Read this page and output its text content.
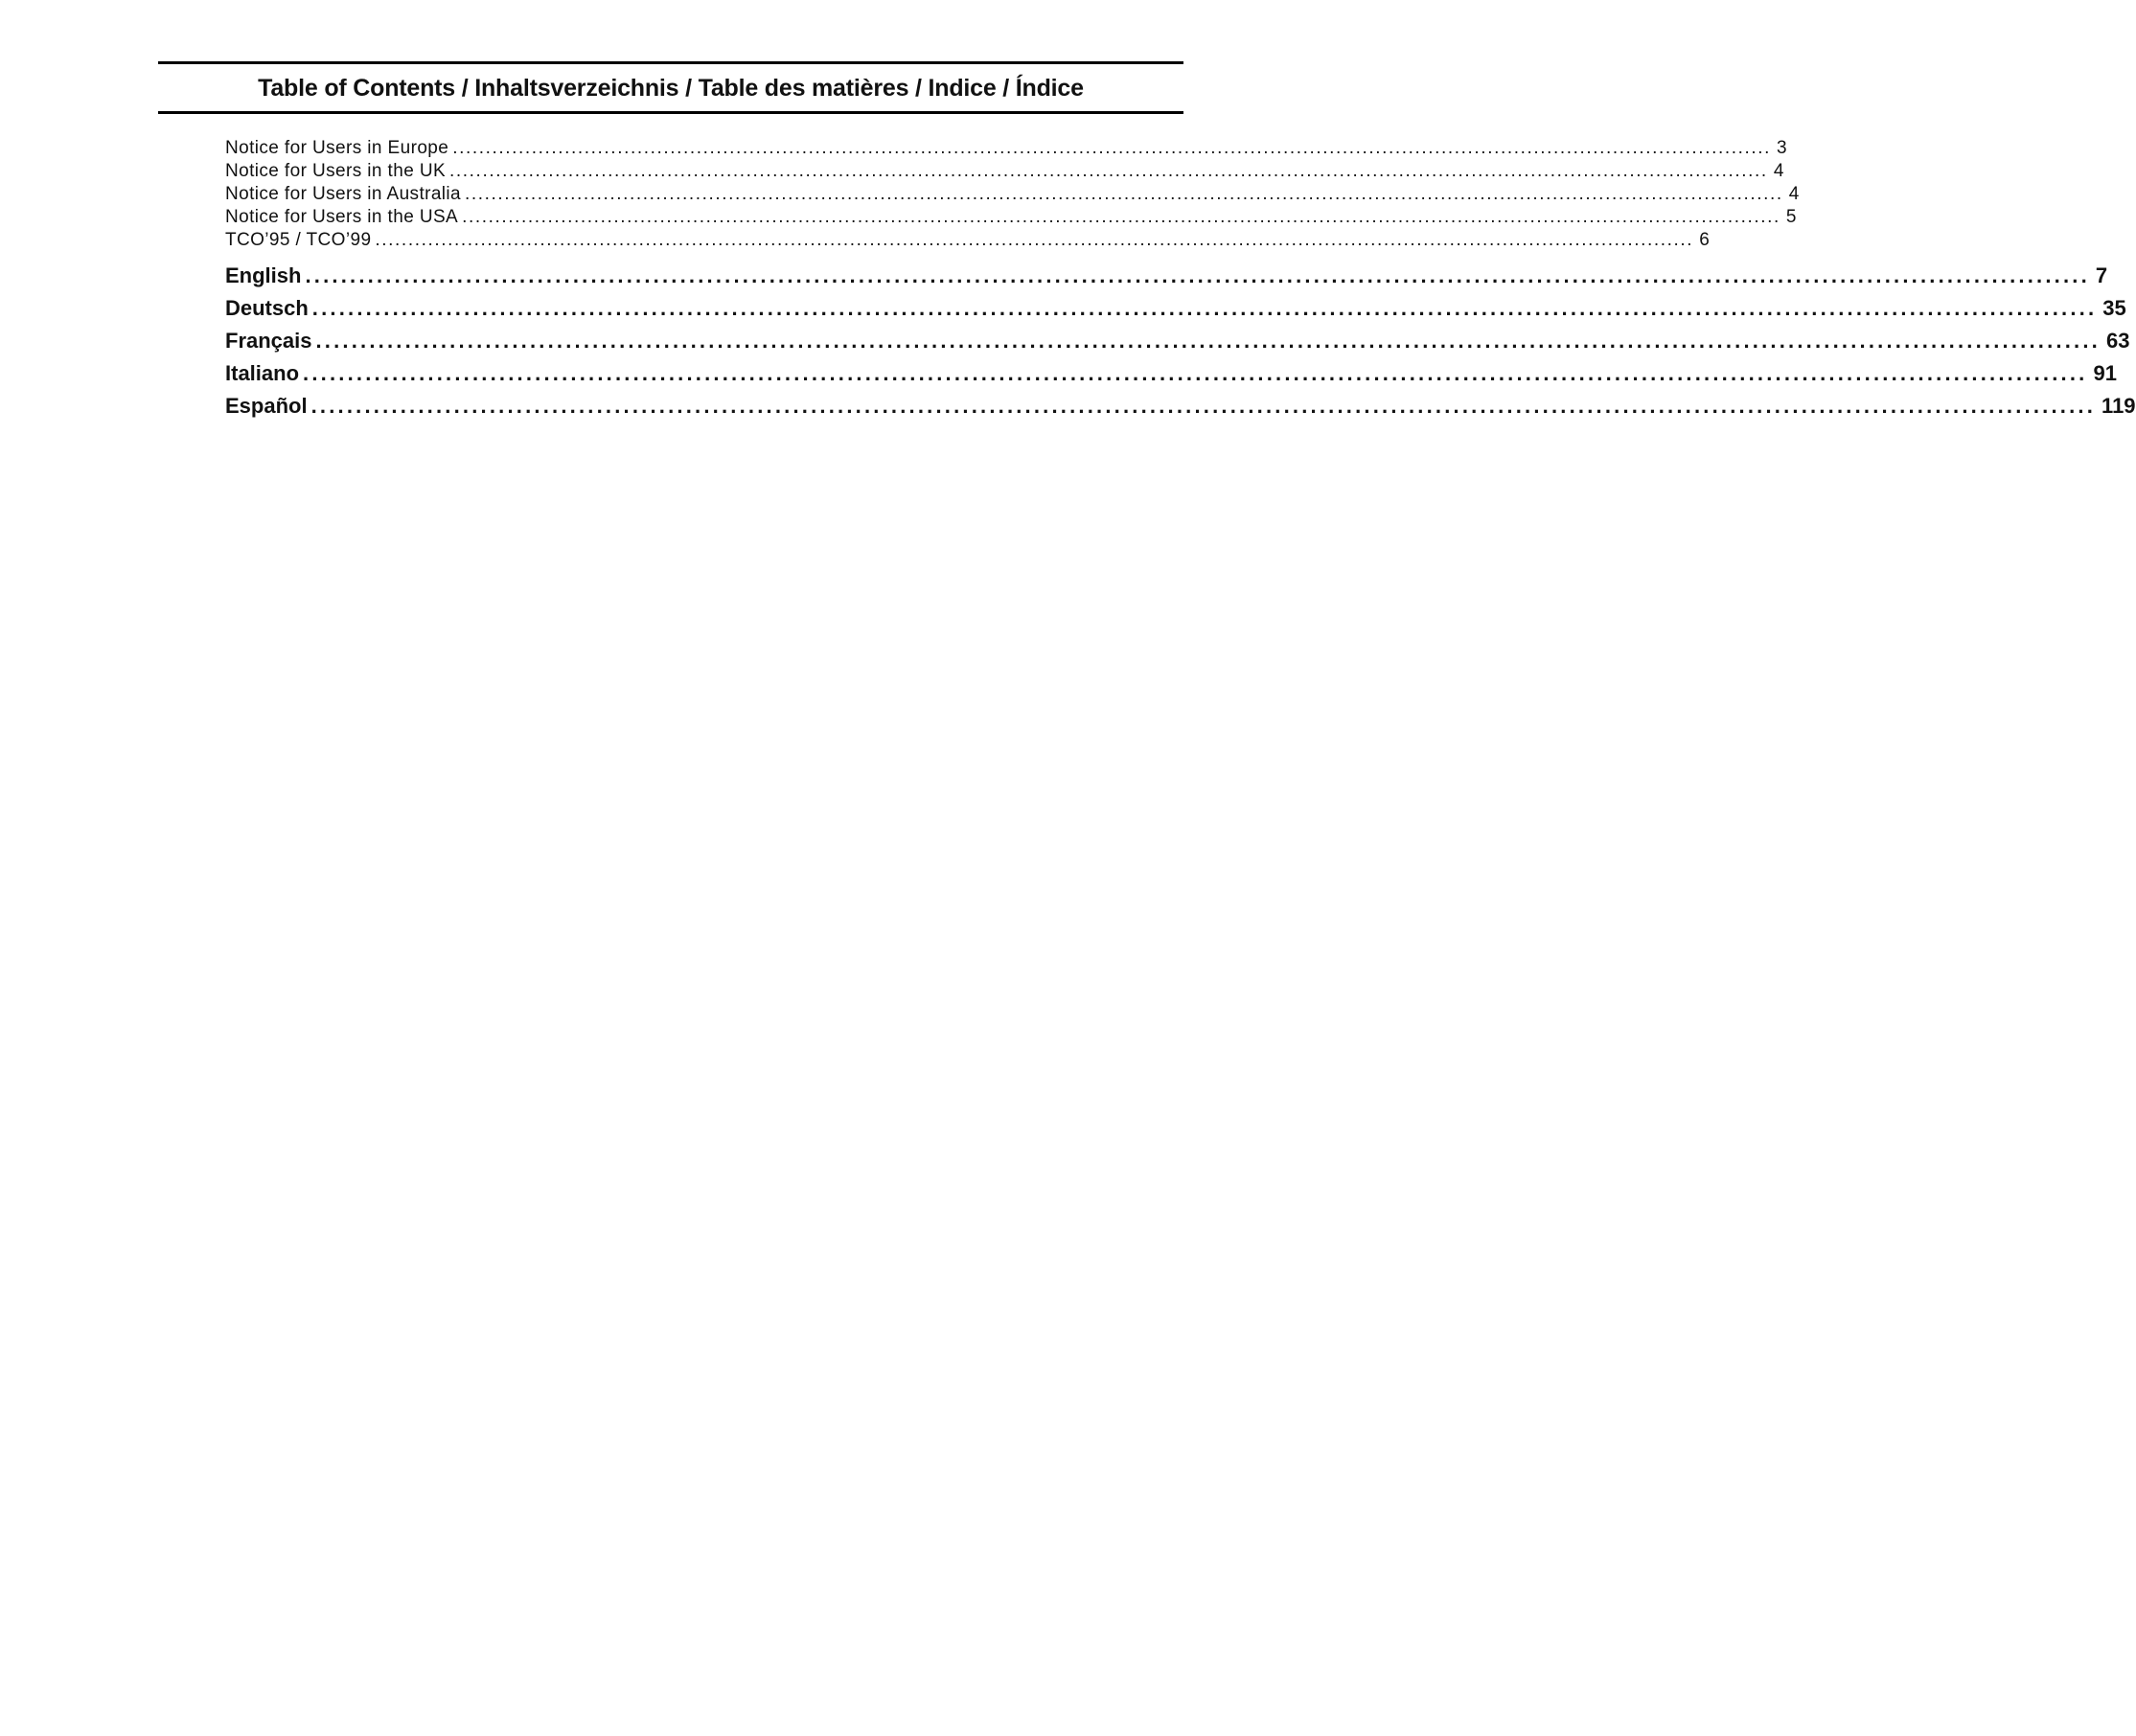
Table of Contents / Inhaltsverzeichnis / Table des matières / Indice / Índice
Notice for Users in Europe ........................................................................................................................................................................................................ 3
Notice for Users in the UK ........................................................................................................................................................................................................ 4
Notice for Users in Australia ........................................................................................................................................................................................................ 4
Notice for Users in the USA ........................................................................................................................................................................................................ 5
TCO’95 / TCO’99 ........................................................................................................................................................................................................ 6
English ........................................................................................................................................................................................................ 7
Deutsch ........................................................................................................................................................................................................ 35
Français ........................................................................................................................................................................................................ 63
Italiano ........................................................................................................................................................................................................ 91
Español ........................................................................................................................................................................................................ 119
